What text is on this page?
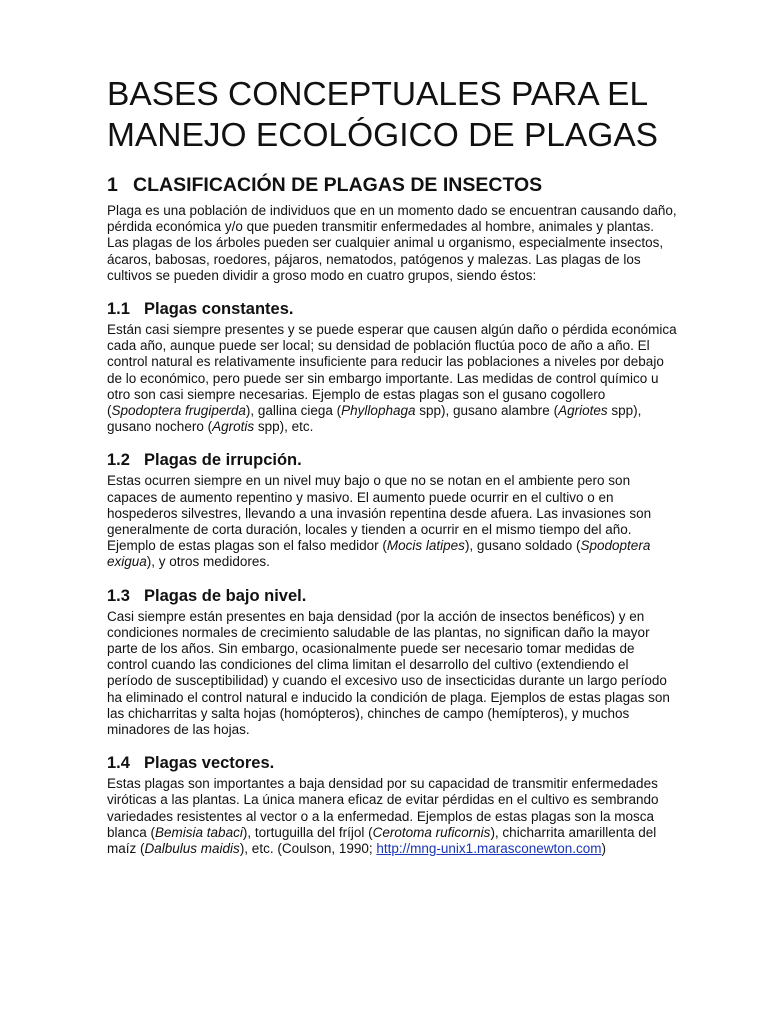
BASES CONCEPTUALES PARA EL
MANEJO ECOLÓGICO DE PLAGAS
1 CLASIFICACIÓN DE PLAGAS DE INSECTOS

Plaga es una población de individuos que en un momento dado se encuentran causando daño, pérdida económica y/o que pueden transmitir enfermedades al hombre, animales y plantas. Las plagas de los árboles pueden ser cualquier animal u organismo, especialmente insectos, ácaros, babosas, roedores, pájaros, nematodos, patógenos y malezas. Las plagas de los cultivos se pueden dividir a groso modo en cuatro grupos, siendo éstos:

1.1 Plagas constantes.

Están casi siempre presentes y se puede esperar que causen algún daño o pérdida económica cada año, aunque puede ser local; su densidad de población fluctúa poco de año a año. El control natural es relativamente insuficiente para reducir las poblaciones a niveles por debajo de lo económico, pero puede ser sin embargo importante. Las medidas de control químico u otro son casi siempre necesarias. Ejemplo de estas plagas son el gusano cogollero (Spodoptera frugiperda), gallina ciega (Phyllophaga spp), gusano alambre (Agriotes spp), gusano nochero (Agrotis spp), etc.

1.2 Plagas de irrupción.

Estas ocurren siempre en un nivel muy bajo o que no se notan en el ambiente pero son capaces de aumento repentino y masivo. El aumento puede ocurrir en el cultivo o en hospederos silvestres, llevando a una invasión repentina desde afuera. Las invasiones son generalmente de corta duración, locales y tienden a ocurrir en el mismo tiempo del año. Ejemplo de estas plagas son el falso medidor (Mocis latipes), gusano soldado (Spodoptera exigua), y otros medidores.

1.3 Plagas de bajo nivel.

Casi siempre están presentes en baja densidad (por la acción de insectos benéficos) y en condiciones normales de crecimiento saludable de las plantas, no significan daño la mayor parte de los años. Sin embargo, ocasionalmente puede ser necesario tomar medidas de control cuando las condiciones del clima limitan el desarrollo del cultivo (extendiendo el período de susceptibilidad) y cuando el excesivo uso de insecticidas durante un largo período ha eliminado el control natural e inducido la condición de plaga. Ejemplos de estas plagas son las chicharritas y salta hojas (homópteros), chinches de campo (hemípteros), y muchos minadores de las hojas.

1.4 Plagas vectores.

Estas plagas son importantes a baja densidad por su capacidad de transmitir enfermedades viróticas a las plantas. La única manera eficaz de evitar pérdidas en el cultivo es sembrando variedades resistentes al vector o a la enfermedad. Ejemplos de estas plagas son la mosca blanca (Bemisia tabaci), tortuguilla del fríjol (Cerotoma ruficornis), chicharrita amarillenta del maíz (Dalbulus maidis), etc. (Coulson, 1990; http://mng-unix1.marasconewton.com)
